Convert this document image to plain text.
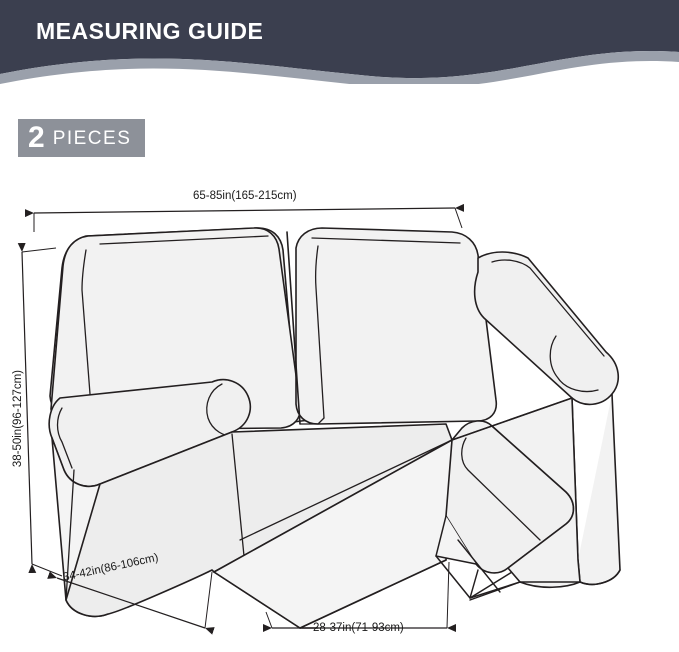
MEASURING GUIDE
2 PIECES
65-85in(165-215cm)
38-50in(96-127cm)
34-42in(86-106cm)
28-37in(71-93cm)
